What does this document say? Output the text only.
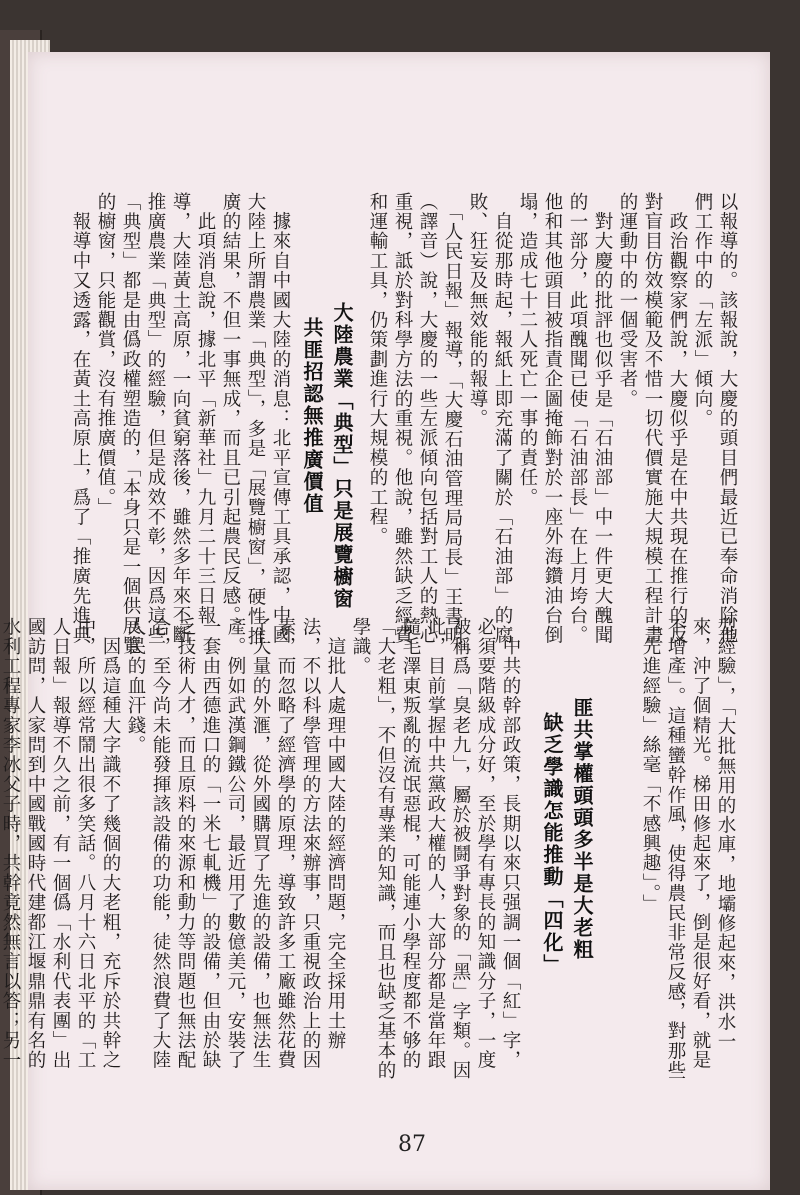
以報導的。該報說，大慶的頭目們最近已奉命消除他們工作中的「左派」傾向。
　政治觀察家們說，大慶似乎是在中共現在推行的反對盲目仿效模範及不惜一切代價實施大規模工程計畫的運動中的一個受害者。
　對大慶的批評也似乎是「石油部」中一件更大醜聞的一部分，此項醜聞已使「石油部長」在上月垮台。他和其他頭目被指責企圖掩飾對於一座外海鑽油台倒塌，造成七十二人死亡一事的責任。
　自從那時起，報紙上即充滿了關於「石油部」的腐敗、狂妄及無效能的報導。
　「人民日報」報導，「大慶石油管理局局長」王書明（譯音）說，大慶的一些左派傾向包括對工人的熱心重視，詆於對科學方法的重視。他說，雖然缺乏經費和運輸工具，仍策劃進行大規模的工程。
大陸農業「典型」只是展覽櫥窗
共匪招認無推廣價值
　據來自中國大陸的消息：北平宣傳工具承認，中國大陸上所謂農業「典型」，多是「展覽櫥窗」，硬性推廣的結果，不但一事無成，而且已引起農民反感。
　此項消息說，據北平「新華社」九月二十三日報導，大陸黃土高原，一向貧窮落後，雖然多年來不斷推廣農業「典型」的經驗，但是成效不彰，因爲這些「典型」都是由僞政權塑造的，「本身只是一個供展覽的櫥窗，只能觀賞，沒有推廣價值。」
　報導中又透露，在黃土高原上，爲了「推廣先進典
型經驗」，「大批無用的水庫，地壩修起來，洪水一來，沖了個精光。梯田修起來了，倒是很好看，就是不增產」。這種蠻幹作風，使得農民非常反感，對那些「先進經驗」絲毫「不感興趣」。」
匪共掌權頭頭多半是大老粗
缺乏學識怎能推動「四化」
　中共的幹部政策，長期以來只强調一個「紅」字，必須要階級成分好，至於學有專長的知識分子，一度被稱爲「臭老九」，屬於被鬪爭對象的「黑」字類。因此，目前掌握中共黨政大權的人，大部分都是當年跟隨毛澤東叛亂的流氓惡棍，可能連小學程度都不够的「大老粗」，不但沒有專業的知識，而且也缺乏基本的學識。
　這批人處理中國大陸的經濟問題，完全採用土辦法，不以科學管理的方法來辦事，只重視政治上的因素，而忽略了經濟學的原理，導致許多工廠雖然花費了大量的外滙，從外國購買了先進的設備，也無法生產。例如武漢鋼鐵公司，最近用了數億美元，安裝了一套由西德進口的「一米七軋機」的設備，但由於缺乏技術人才，而且原料的來源和動力等問題也無法配合，至今尚未能發揮該設備的功能，徒然浪費了大陸人民的血汗錢。
　因爲這種大字識不了幾個的大老粗，充斥於共幹之中，所以經常鬧出很多笑話。八月十六日北平的「工人日報」報導不久之前，有一個僞「水利代表團」出國訪問，人家問到中國戰國時代建都江堰鼎鼎有名的水利工程專家李冰父子時，共幹竟然無言以答；另一
87
